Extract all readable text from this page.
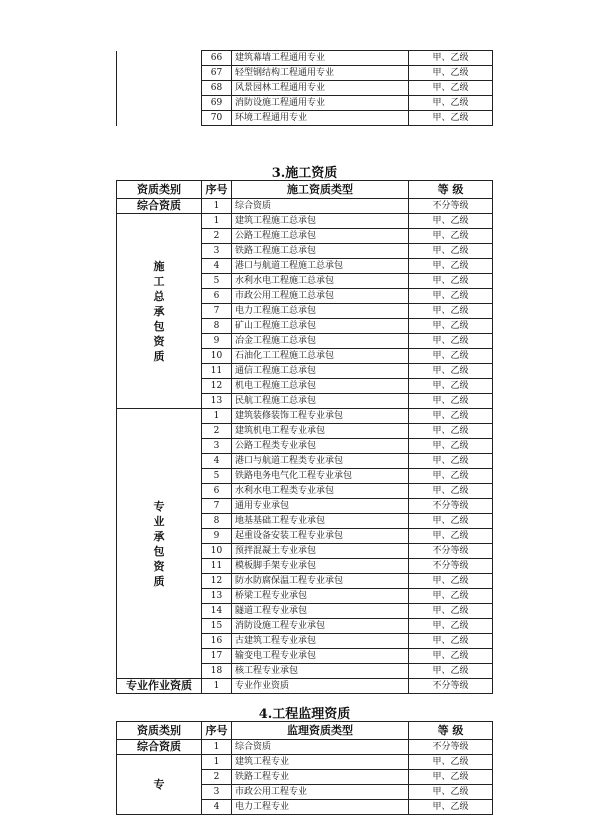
	66	建筑幕墙工程通用专业	甲、乙级
	67	轻型钢结构工程通用专业	甲、乙级
	68	风景园林工程通用专业	甲、乙级
	69	消防设施工程通用专业	甲、乙级
	70	环境工程通用专业	甲、乙级
3.施工资质
资质类别	序号	施工资质类型	等 级
综合资质	1	综合资质	不分等级
施工总承包资质	1	建筑工程施工总承包	甲、乙级
	2	公路工程施工总承包	甲、乙级
	3	铁路工程施工总承包	甲、乙级
	4	港口与航道工程施工总承包	甲、乙级
	5	水利水电工程施工总承包	甲、乙级
	6	市政公用工程施工总承包	甲、乙级
	7	电力工程施工总承包	甲、乙级
	8	矿山工程施工总承包	甲、乙级
	9	冶金工程施工总承包	甲、乙级
	10	石油化工工程施工总承包	甲、乙级
	11	通信工程施工总承包	甲、乙级
	12	机电工程施工总承包	甲、乙级
	13	民航工程施工总承包	甲、乙级
专业承包资质	1	建筑装修装饰工程专业承包	甲、乙级
	2	建筑机电工程专业承包	甲、乙级
	3	公路工程类专业承包	甲、乙级
	4	港口与航道工程类专业承包	甲、乙级
	5	铁路电务电气化工程专业承包	甲、乙级
	6	水利水电工程类专业承包	甲、乙级
	7	通用专业承包	不分等级
	8	地基基础工程专业承包	甲、乙级
	9	起重设备安装工程专业承包	甲、乙级
	10	预拌混凝土专业承包	不分等级
	11	模板脚手架专业承包	不分等级
	12	防水防腐保温工程专业承包	甲、乙级
	13	桥梁工程专业承包	甲、乙级
	14	隧道工程专业承包	甲、乙级
	15	消防设施工程专业承包	甲、乙级
	16	古建筑工程专业承包	甲、乙级
	17	输变电工程专业承包	甲、乙级
	18	核工程专业承包	甲、乙级
专业作业资质	1	专业作业资质	不分等级
4.工程监理资质
资质类别	序号	监理资质类型	等 级
综合资质	1	综合资质	不分等级
专	1	建筑工程专业	甲、乙级
	2	铁路工程专业	甲、乙级
	3	市政公用工程专业	甲、乙级
	4	电力工程专业	甲、乙级
